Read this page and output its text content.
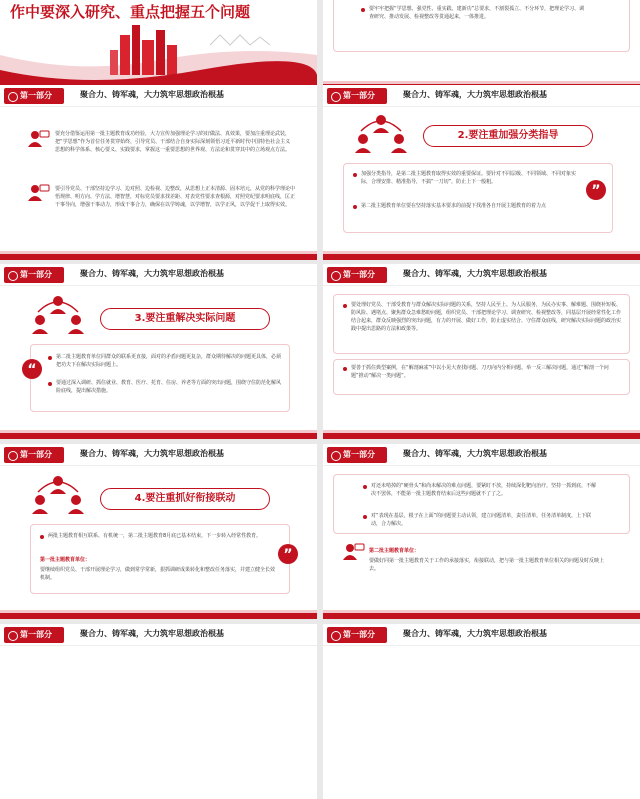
作中要深入研究、重点把握五个问题	要牢牢把握“学思想、强党性、重实践、建新功”总要求，不割裂孤立、不分环节，把理论学习、调查研究、推动发展、检视整改等贯通起来，一体推进。
第一部分	聚合力、铸军魂，大力筑牢思想政治根基
要充分借鉴运用第一批主题教育成功经验，大力宣传加强理论学习的好做法、真效果，要加注重理论武装，把“学思想”作为首位任务贯穿始终，引导党员、干部结合自身实际深刻领悟习近平新时代中国特色社会主义思想的科学体系、核心要义、实践要求，掌握这一重要思想的世界观、方法论和贯穿其中的立场观点方法。
要引导党员、干部坚持边学习、边对照、边检视、边整改，从思想上正本清源、固本培元，从党的科学理论中悟规律、明方向、学方法、增智慧，对标党员要求找差距、对表党性要求查根源，对照党纪要求明底线，匡正干事导向，增强干事动力，形成干事合力，确保在以学铸魂，以学增智，以学正风，以学促干上取得实效。
第一部分	聚合力、铸军魂，大力筑牢思想政治根基
2.要注重加强分类指导
加强分类指导，是第二批主题教育取得实效的重要保证。要针对不同层级、不同领域、不同对象实际，合理安排、精准指导，不搞“一刀切”，防止上下一般粗。
第二批主题教育单位要在坚持落实基本要求的前提下找准各自开展主题教育的着力点
”
第一部分	聚合力、铸军魂，大力筑牢思想政治根基
3.要注重解决实际问题
“
第二批主题教育单位同群众的联系更直接，面对的矛盾问题更复杂，群众期待解决的问题更具体，必须把功夫下在解决实际问题上。
要通过深入调研、抓住就业、教育、医疗、托育、住房、养老等方面的突出问题，围绕守住防范化解风险底线，提出解决措施。
第一部分	聚合力、铸军魂，大力筑牢思想政治根基
要处理好党员、干部受教育与群众解决实际问题的关系，坚持人民至上、为人民服务，为民办实事、解难题、围绕补短板、防风险、遇堵点、聚焦群众急难愁盼问题，组织党员、干部把理论学习、调查研究、检视整改等，同基层开展经常性化工作结合起来，群众反映强烈的突出问题，有力的开展、做好工作，防止虚实结合、守住群众底线，研究解决实际问题的政治实践中提出思路的方法和政策等。
要善于抓住典型案例，在“解剖麻雀”中以小见大查找问题、刀刃向内分析问题、举一反三解决问题，通过“解剖一个问题”推动“解决一类问题”。
第一部分	聚合力、铸军魂，大力筑牢思想政治根基
4.要注重抓好衔接联动
两批主题教育相互联系、有机统一，第二批主题教育8月底已基本结束，下一步转入经常性教育。
第一批主题教育单位：
要继续组织党员、干部开展理论学习，做到常学常新，狠抓调研成果转化和整改任务落实，并建立健全长效机制。
”
第一部分	聚合力、铸军魂，大力筑牢思想政治根基
对还未啃掉的“硬骨头”和尚未解决的难点问题，要紧盯不放，持续深化靶向治疗，坚持一抓到底，不解决不罢休，不能第一批主题教育结束后这些问题就不了了之。
对“表现在基层，根子在上面”的问题要主动认领，建立问题清单，责任清单，任务清单制度，上下联动，合力解决。
第二批主题教育单位：
要做好同第一批主题教育关于工作的承接落实，衔接联动，把与第一批主题教育单位相关的问题及时反映上去。
第一部分	聚合力、铸军魂，大力筑牢思想政治根基	第一部分	聚合力、铸军魂，大力筑牢思想政治根基
